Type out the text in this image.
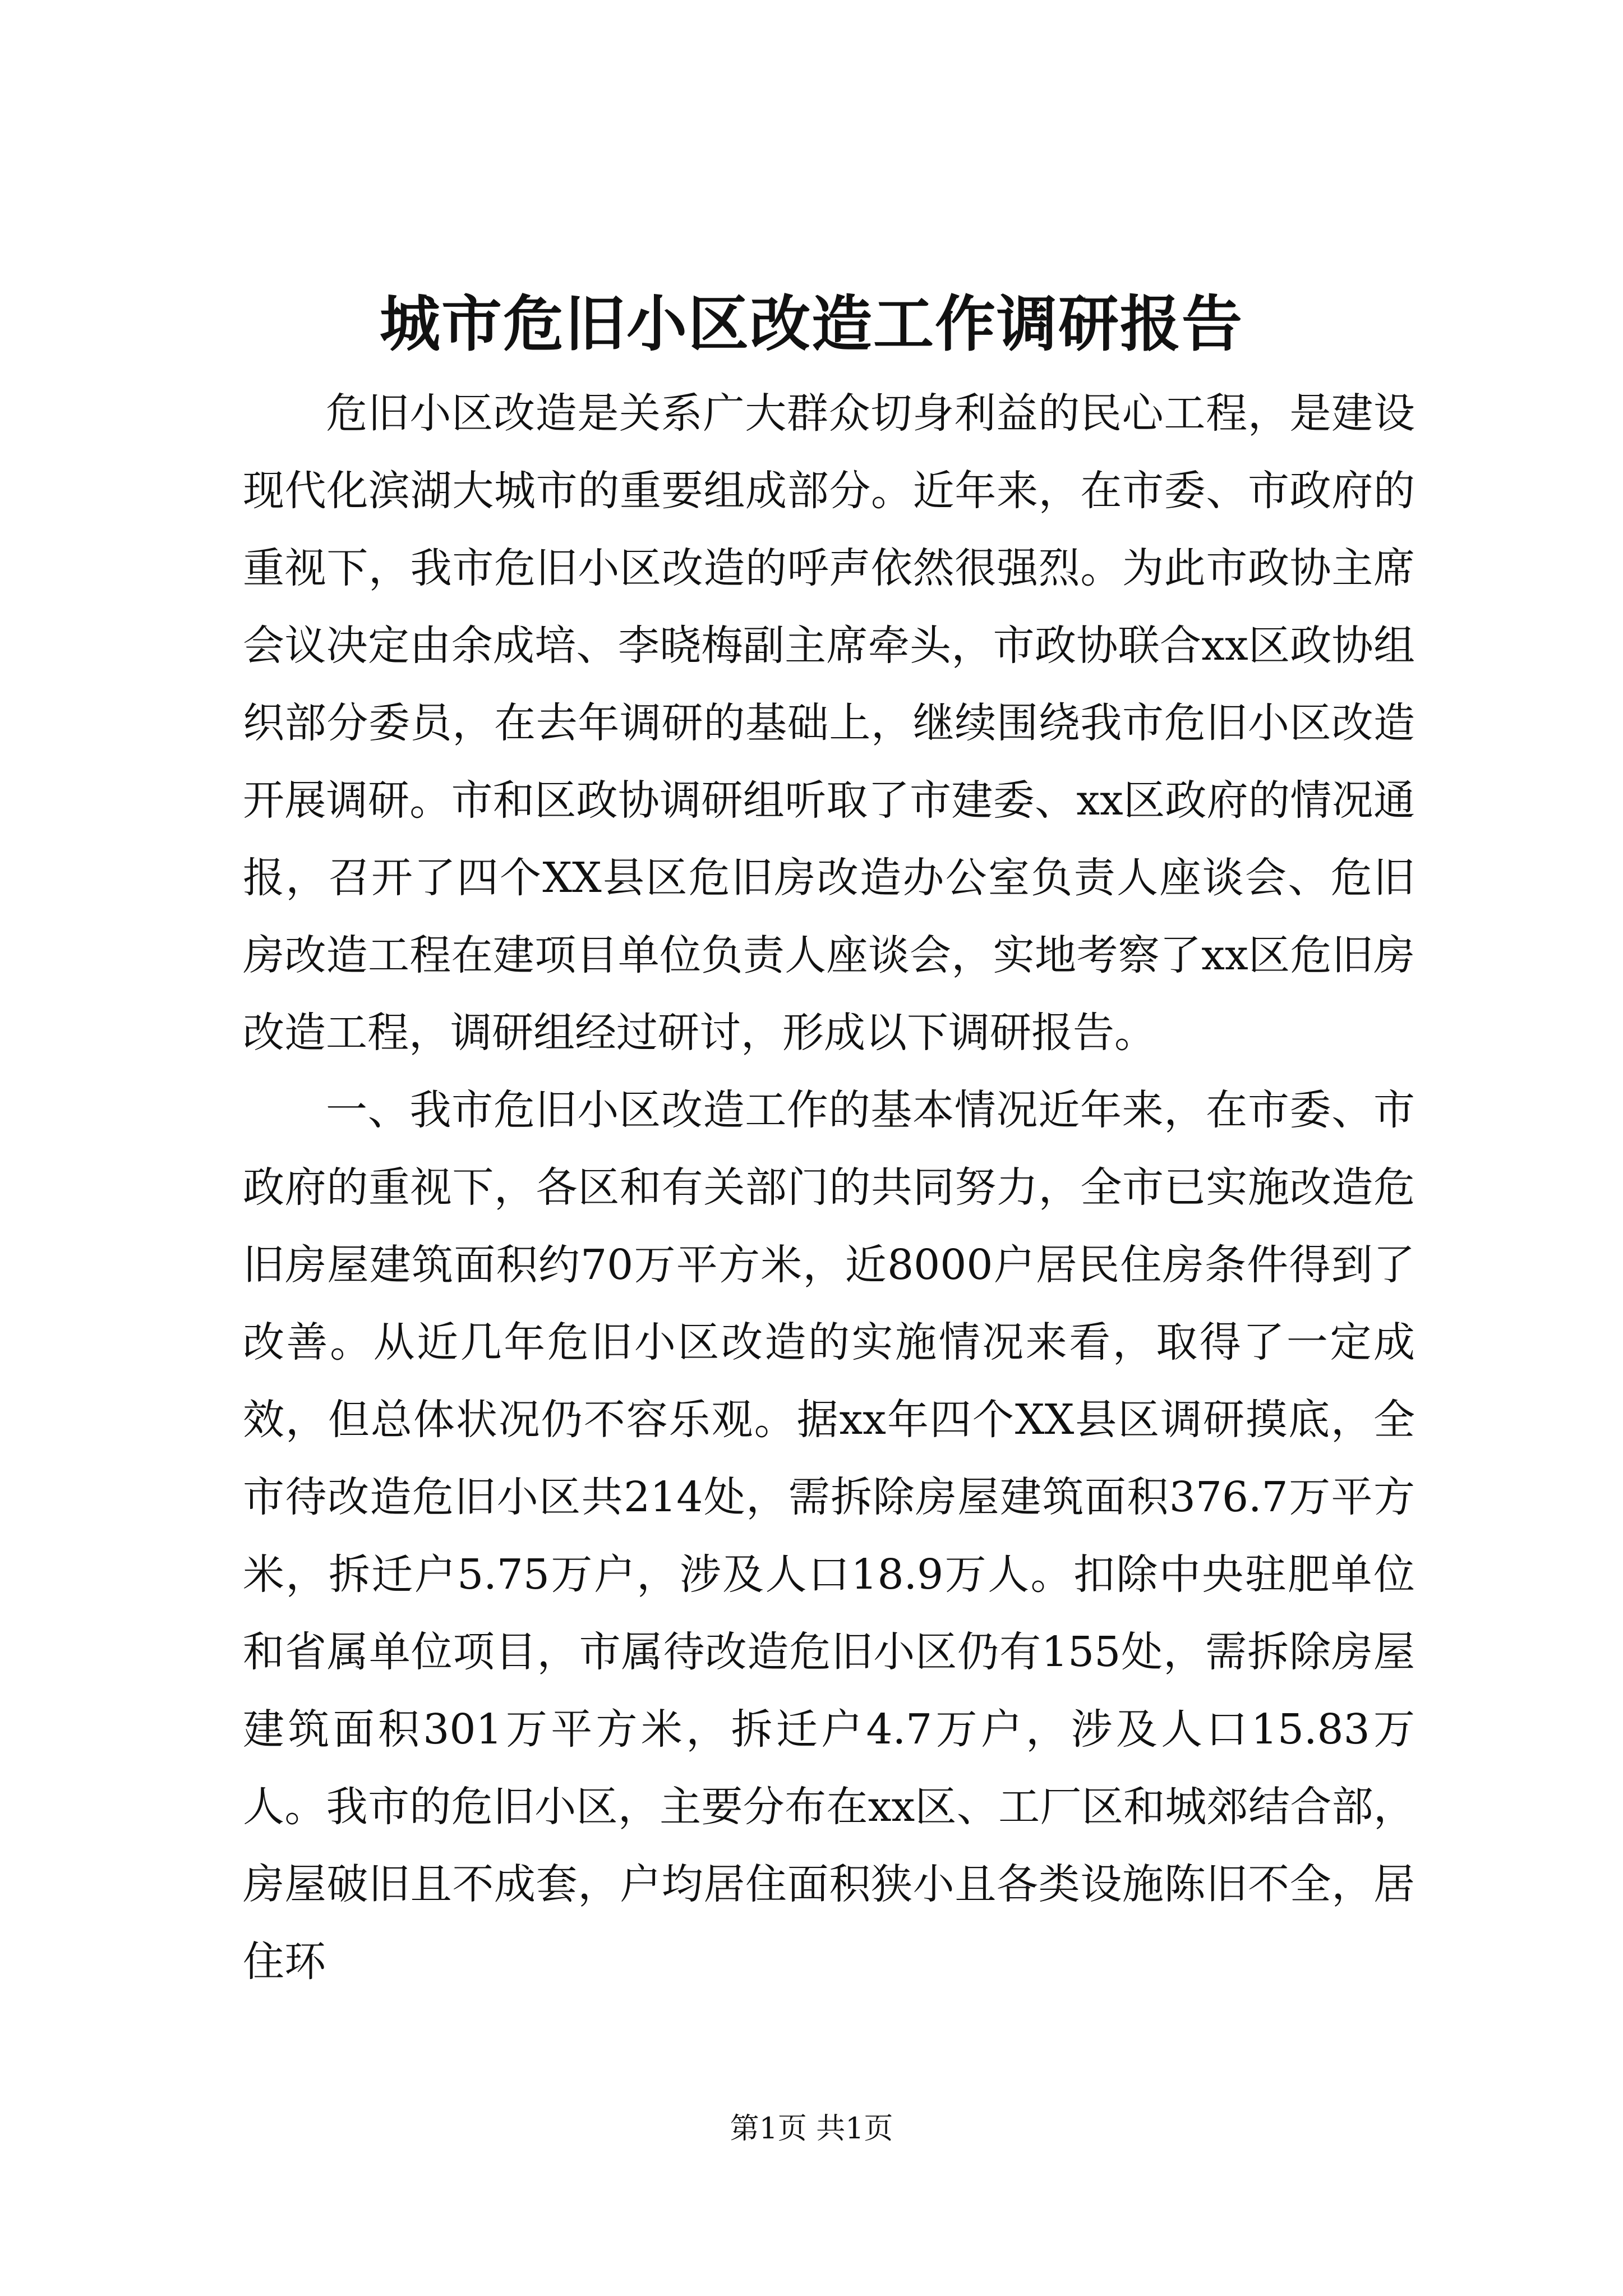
城市危旧小区改造工作调研报告

危旧小区改造是关系广大群众切身利益的民心工程，是建设现代化滨湖大城市的重要组成部分。近年来，在市委、市政府的重视下，我市危旧小区改造的呼声依然很强烈。为此市政协主席会议决定由余成培、李晓梅副主席牵头，市政协联合xx区政协组织部分委员，在去年调研的基础上，继续围绕我市危旧小区改造开展调研。市和区政协调研组听取了市建委、xx区政府的情况通报，召开了四个XX县区危旧房改造办公室负责人座谈会、危旧房改造工程在建项目单位负责人座谈会，实地考察了xx区危旧房改造工程，调研组经过研讨，形成以下调研报告。

一、我市危旧小区改造工作的基本情况近年来，在市委、市政府的重视下，各区和有关部门的共同努力，全市已实施改造危旧房屋建筑面积约70万平方米，近8000户居民住房条件得到了改善。从近几年危旧小区改造的实施情况来看，取得了一定成效，但总体状况仍不容乐观。据xx年四个XX县区调研摸底，全市待改造危旧小区共214处，需拆除房屋建筑面积376.7万平方米，拆迁户5.75万户，涉及人口18.9万人。扣除中央驻肥单位和省属单位项目，市属待改造危旧小区仍有155处，需拆除房屋建筑面积301万平方米，拆迁户4.7万户，涉及人口15.83万人。我市的危旧小区，主要分布在xx区、工厂区和城郊结合部，房屋破旧且不成套，户均居住面积狭小且各类设施陈旧不全，居住环

第1页 共1页
